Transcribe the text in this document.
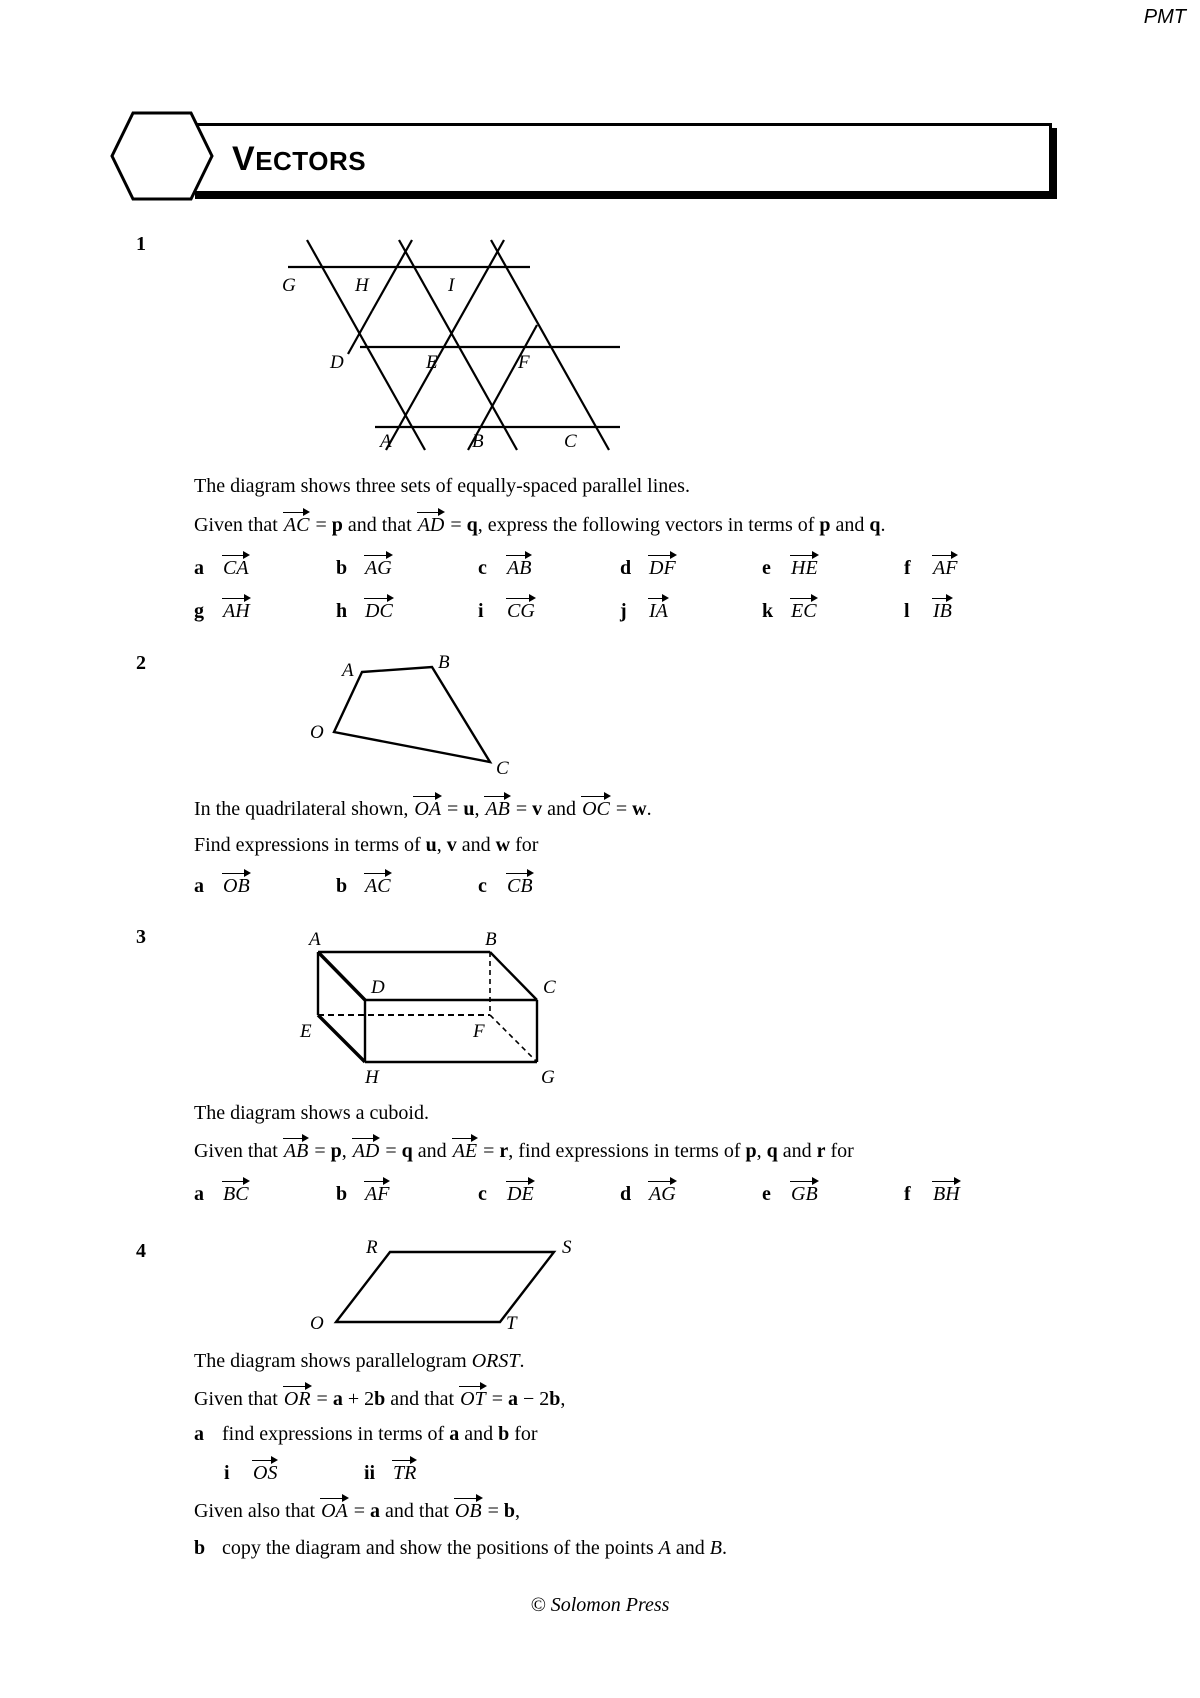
PMT
VECTORS
1
G	H	I
D	E	F
A	B	C
The diagram shows three sets of equally-spaced parallel lines.
Given that AC = p and that AD = q, express the following vectors in terms of p and q.
a CA	b AG	c AB	d DF	e HE	f AF
g AH	h DC	i CG	j IA	k EC	l IB
2	A	B
O
C
In the quadrilateral shown, OA = u, AB = v and OC = w.
Find expressions in terms of u, v and w for
a OB	b AC	c CB
3	A	B
D	C
E	F
H	G
The diagram shows a cuboid.
Given that AB = p, AD = q and AE = r, find expressions in terms of p, q and r for
a BC	b AF	c DE	d AG	e GB	f BH
4	R	S
O	T
The diagram shows parallelogram ORST.
Given that OR = a + 2b and that OT = a − 2b,
a find expressions in terms of a and b for
i OS	ii TR
Given also that OA = a and that OB = b,
b copy the diagram and show the positions of the points A and B.
© Solomon Press
